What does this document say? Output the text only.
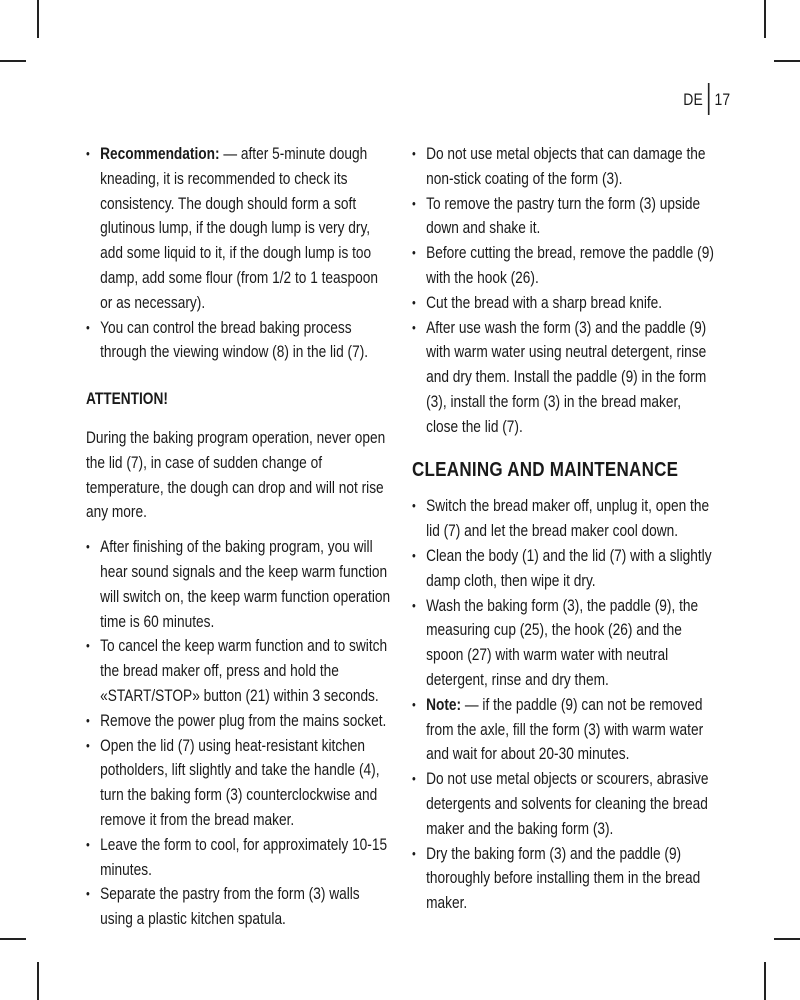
DE 17
• Recommendation: — after 5-minute dough kneading, it is recommended to check its consistency. The dough should form a soft glutinous lump, if the dough lump is very dry, add some liquid to it, if the dough lump is too damp, add some flour (from 1/2 to 1 teaspoon or as necessary).
• You can control the bread baking process through the viewing window (8) in the lid (7).
ATTENTION!

During the baking program operation, never open the lid (7), in case of sudden change of temperature, the dough can drop and will not rise any more.

• After finishing of the baking program, you will hear sound signals and the keep warm function will switch on, the keep warm function operation time is 60 minutes.
• To cancel the keep warm function and to switch the bread maker off, press and hold the «START/STOP» button (21) within 3 seconds.
• Remove the power plug from the mains socket.
• Open the lid (7) using heat-resistant kitchen potholders, lift slightly and take the handle (4), turn the baking form (3) counterclockwise and remove it from the bread maker.
• Leave the form to cool, for approximately 10-15 minutes.
• Separate the pastry from the form (3) walls using a plastic kitchen spatula.
• Do not use metal objects that can damage the non-stick coating of the form (3).
• To remove the pastry turn the form (3) upside down and shake it.
• Before cutting the bread, remove the paddle (9) with the hook (26).
• Cut the bread with a sharp bread knife.
• After use wash the form (3) and the paddle (9) with warm water using neutral detergent, rinse and dry them. Install the paddle (9) in the form (3), install the form (3) in the bread maker, close the lid (7).
CLEANING AND MAINTENANCE
• Switch the bread maker off, unplug it, open the lid (7) and let the bread maker cool down.
• Clean the body (1) and the lid (7) with a slightly damp cloth, then wipe it dry.
• Wash the baking form (3), the paddle (9), the measuring cup (25), the hook (26) and the spoon (27) with warm water with neutral detergent, rinse and dry them.
• Note: — if the paddle (9) can not be removed from the axle, fill the form (3) with warm water and wait for about 20-30 minutes.
• Do not use metal objects or scourers, abrasive detergents and solvents for cleaning the bread maker and the baking form (3).
• Dry the baking form (3) and the paddle (9) thoroughly before installing them in the bread maker.
